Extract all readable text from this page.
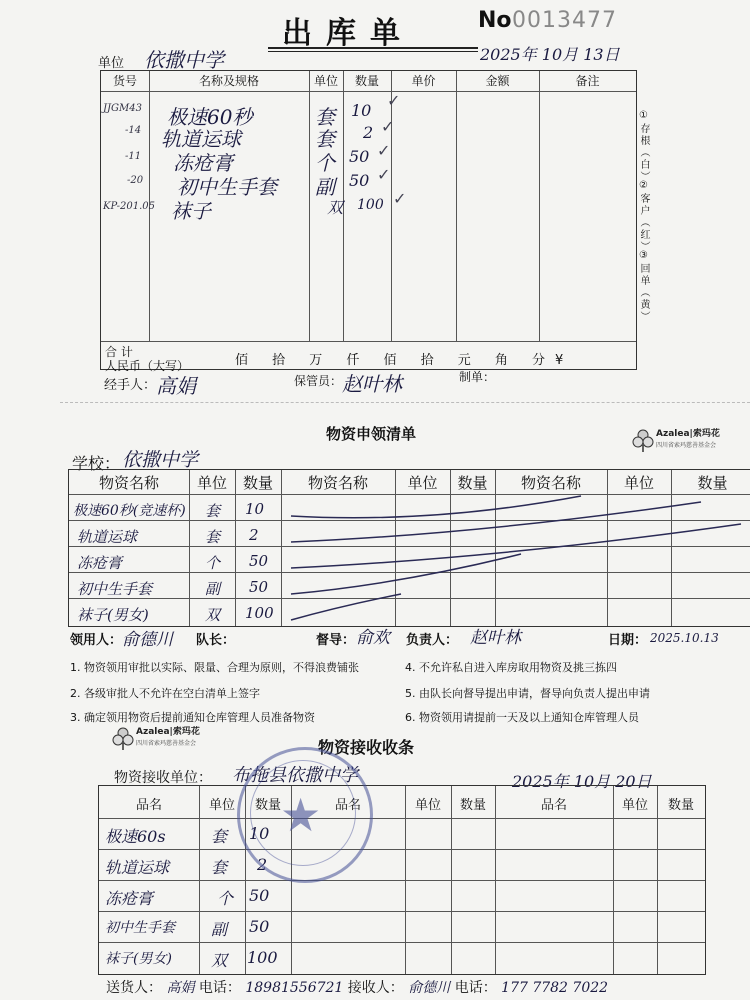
出库单	No 0013477
单位 依撒中学	2025年 10月 13日
货号	名称及规格	单位	数量	单价	金额	备注
JJGM43 极速60秒	套 10
✓
-14 轨道运球	套 2 ✓
-11 冻疮膏	个 50 ✓
-20 初中生手套 副 50 ✓
KP-201.05 袜子	双 100 ✓
合 计
人民币（大写）	佰 拾 万 仟 佰 拾 元 角 分¥
①存根（白）
②客户（红）
③回单（黄）
经手人： 高娟	保管员： 赵叶林	制单：
Azalea|索玛花
四川省索玛慈善基金会
物资申领清单
学校： 依撒中学
物资名称	单位	数量	物资名称	单位	数量	物资名称	单位	数量
极速60秒(竞速杯) 套 10
轨道运球	套 2
冻疮膏	个 50
初中生手套	副 50
袜子(男女)	双 100
领用人： 俞德川 队长：	督导： 俞欢 负责人： 赵叶林	日期： 2025.10.13
1. 物资领用审批以实际、限量、合理为原则，不得浪费铺张
2. 各级审批人不允许在空白清单上签字
3. 确定领用物资后提前通知仓库管理人员准备物资
4. 不允许私自进入库房取用物资及挑三拣四
5. 由队长向督导提出申请，督导向负责人提出申请
6. 物资领用请提前一天及以上通知仓库管理人员
Azalea|索玛花
四川省索玛慈善基金会	物资接收收条
物资接收单位： 布拖县依撒中学	2025年 10月 20日
品名	单位	数量	品名	单位	数量	品名	单位	数量
极速60s	套 10
轨道运球	套 2
冻疮膏	个 50
初中生手套 副 50
袜子(男女) 双 100
★
送货人： 高娟 电话： 18981556721 接收人： 俞德川 电话： 177 7782 7022
